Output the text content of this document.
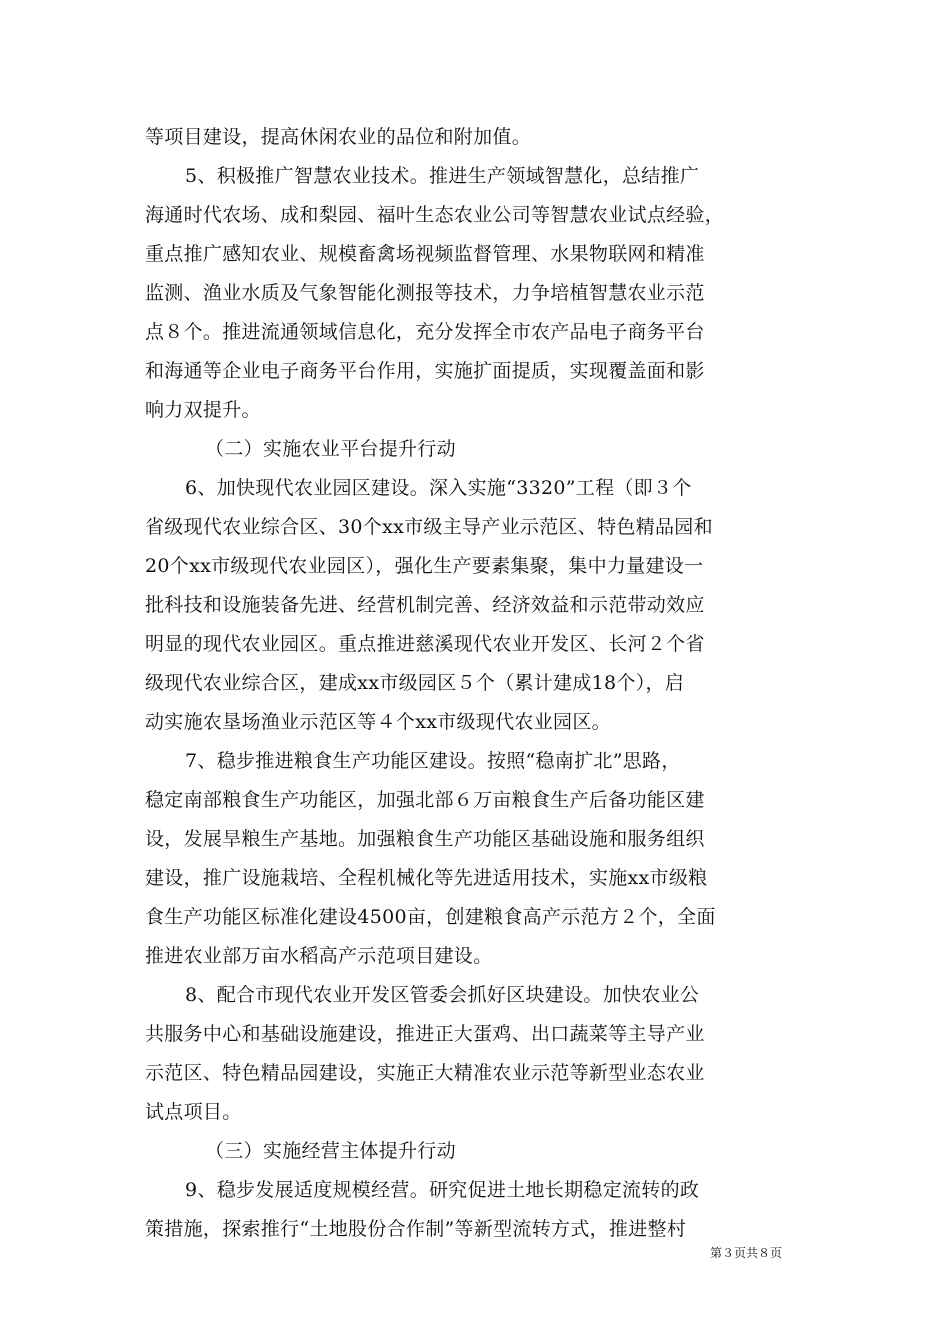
等项目建设，提高休闲农业的品位和附加值。
5、积极推广智慧农业技术。推进生产领域智慧化，总结推广
海通时代农场、成和梨园、福叶生态农业公司等智慧农业试点经验，
重点推广感知农业、规模畜禽场视频监督管理、水果物联网和精准
监测、渔业水质及气象智能化测报等技术，力争培植智慧农业示范
点８个。推进流通领域信息化，充分发挥全市农产品电子商务平台
和海通等企业电子商务平台作用，实施扩面提质，实现覆盖面和影
响力双提升。
（二）实施农业平台提升行动
6、加快现代农业园区建设。深入实施“3320”工程（即３个
省级现代农业综合区、30个xx市级主导产业示范区、特色精品园和
20个xx市级现代农业园区），强化生产要素集聚，集中力量建设一
批科技和设施装备先进、经营机制完善、经济效益和示范带动效应
明显的现代农业园区。重点推进慈溪现代农业开发区、长河２个省
级现代农业综合区，建成xx市级园区５个（累计建成18个），启
动实施农垦场渔业示范区等４个xx市级现代农业园区。
7、稳步推进粮食生产功能区建设。按照“稳南扩北”思路，
稳定南部粮食生产功能区，加强北部６万亩粮食生产后备功能区建
设，发展旱粮生产基地。加强粮食生产功能区基础设施和服务组织
建设，推广设施栽培、全程机械化等先进适用技术，实施xx市级粮
食生产功能区标准化建设4500亩，创建粮食高产示范方２个，全面
推进农业部万亩水稻高产示范项目建设。
8、配合市现代农业开发区管委会抓好区块建设。加快农业公
共服务中心和基础设施建设，推进正大蛋鸡、出口蔬菜等主导产业
示范区、特色精品园建设，实施正大精准农业示范等新型业态农业
试点项目。
（三）实施经营主体提升行动
9、稳步发展适度规模经营。研究促进土地长期稳定流转的政
策措施，探索推行“土地股份合作制”等新型流转方式，推进整村
第３页共８页
